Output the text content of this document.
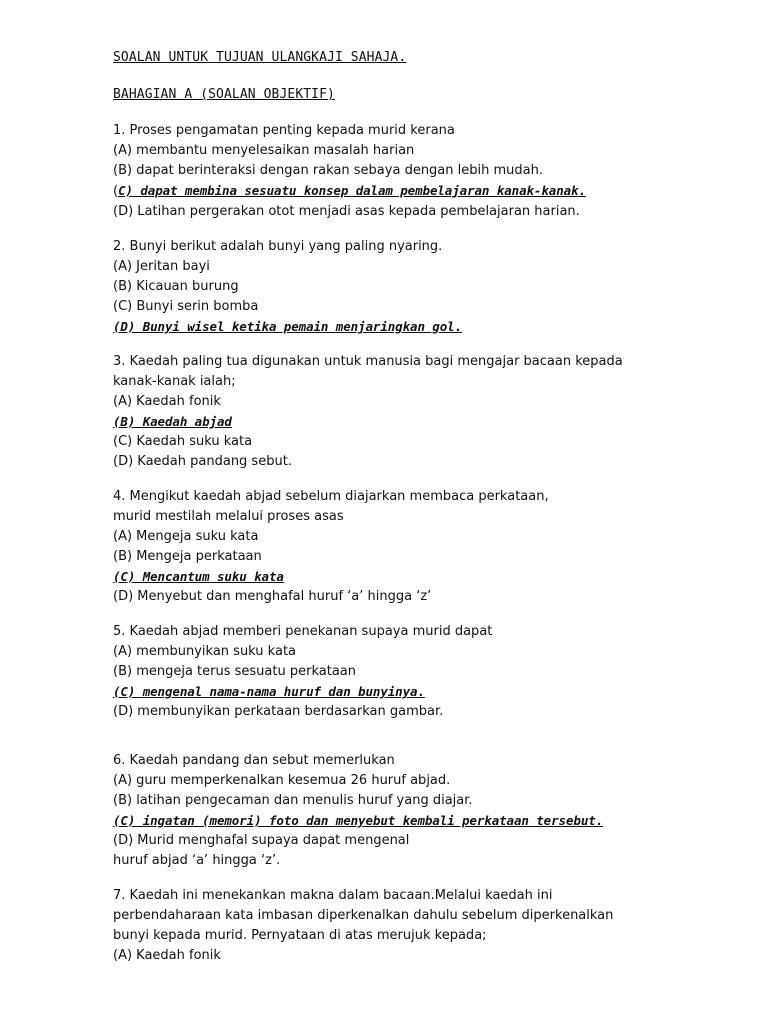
SOALAN UNTUK TUJUAN ULANGKAJI SAHAJA.

BAHAGIAN A (SOALAN OBJEKTIF)

1. Proses pengamatan penting kepada murid kerana
(A) membantu menyelesaikan masalah harian
(B) dapat berinteraksi dengan rakan sebaya dengan lebih mudah.
(C) dapat membina sesuatu konsep dalam pembelajaran kanak-kanak.
(D) Latihan pergerakan otot menjadi asas kepada pembelajaran harian.
2. Bunyi berikut adalah bunyi yang paling nyaring.
(A) Jeritan bayi
(B) Kicauan burung
(C) Bunyi serin bomba
(D) Bunyi wisel ketika pemain menjaringkan gol.
3. Kaedah paling tua digunakan untuk manusia bagi mengajar bacaan kepada kanak-kanak ialah;
(A) Kaedah fonik
(B) Kaedah abjad
(C) Kaedah suku kata
(D) Kaedah pandang sebut.
4. Mengikut kaedah abjad sebelum diajarkan membaca perkataan, murid mestilah melalui proses asas
(A) Mengeja suku kata
(B) Mengeja perkataan
(C) Mencantum suku kata
(D) Menyebut dan menghafal huruf ‘a’ hingga ‘z’
5. Kaedah abjad memberi penekanan supaya murid dapat
(A) membunyikan suku kata
(B) mengeja terus sesuatu perkataan
(C) mengenal nama-nama huruf dan bunyinya.
(D) membunyikan perkataan berdasarkan gambar.
6. Kaedah pandang dan sebut memerlukan
(A) guru memperkenalkan kesemua 26 huruf abjad.
(B) latihan pengecaman dan menulis huruf yang diajar.
(C) ingatan (memori) foto dan menyebut kembali perkataan tersebut.
(D) Murid menghafal supaya dapat mengenal
huruf abjad ‘a’ hingga ‘z’.
7. Kaedah ini menekankan makna dalam bacaan.Melalui kaedah ini perbendaharaan kata imbasan diperkenalkan dahulu sebelum diperkenalkan bunyi kepada murid. Pernyataan di atas merujuk kepada;
(A) Kaedah fonik
